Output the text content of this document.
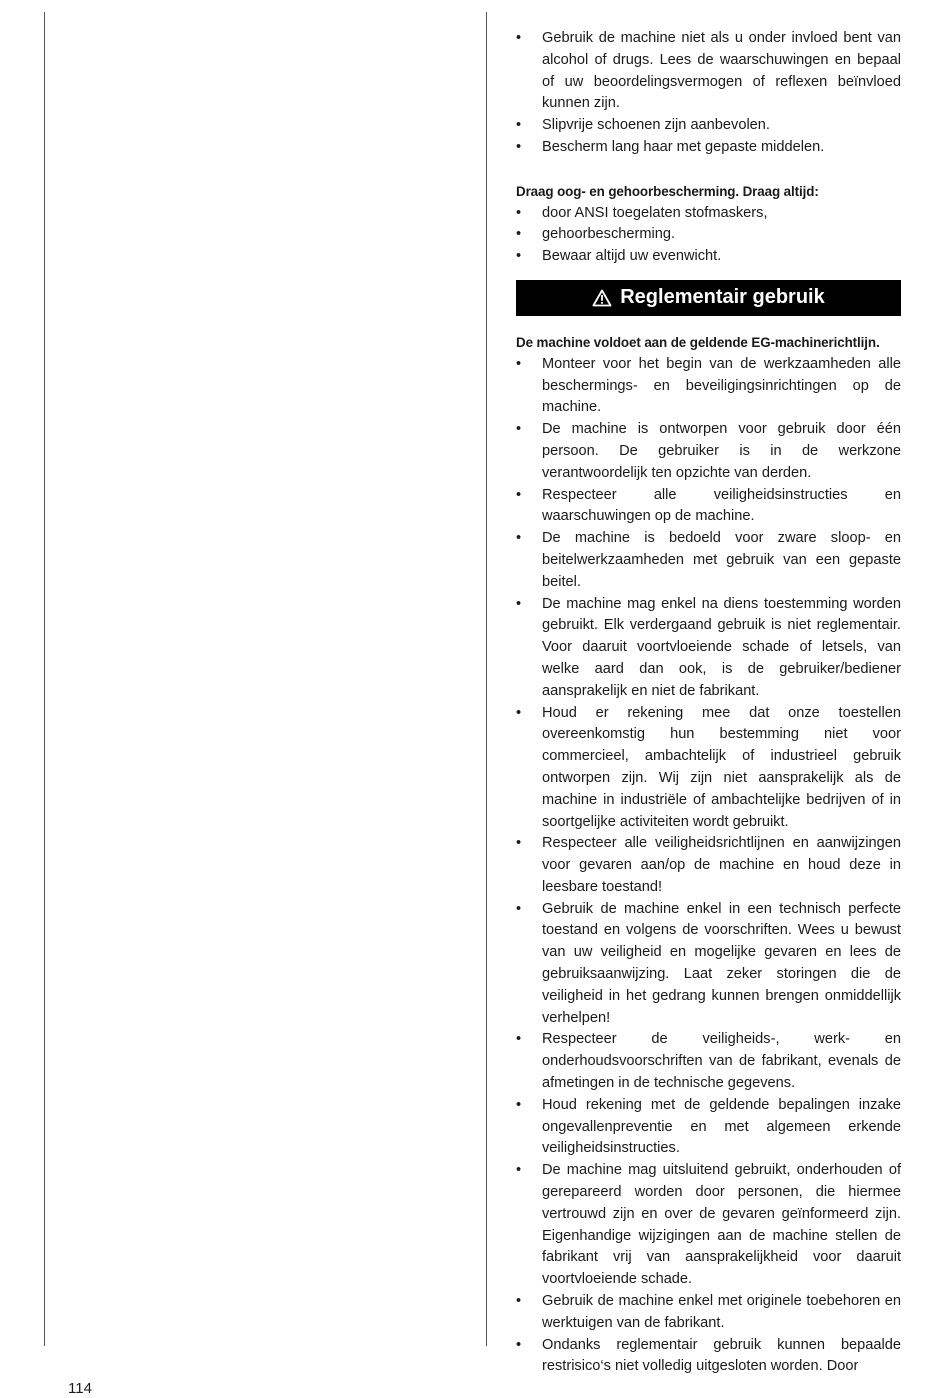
• Gebruik de machine niet als u onder invloed bent van alcohol of drugs. Lees de waarschuwingen en bepaal of uw beoordelingsvermogen of reflexen beïnvloed kunnen zijn.
• Slipvrije schoenen zijn aanbevolen.
• Bescherm lang haar met gepaste middelen.

Draag oog- en gehoorbescherming. Draag altijd:

• door ANSI toegelaten stofmaskers,
• gehoorbescherming.
• Bewaar altijd uw evenwicht.
Reglementair gebruik

De machine voldoet aan de geldende EG-machinerichtlijn.

• Monteer voor het begin van de werkzaamheden alle beschermings- en beveiligingsinrichtingen op de machine.
• De machine is ontworpen voor gebruik door één persoon. De gebruiker is in de werkzone verantwoordelijk ten opzichte van derden.
• Respecteer alle veiligheidsinstructies en waarschuwingen op de machine.
• De machine is bedoeld voor zware sloop- en beitelwerkzaamheden met gebruik van een gepaste beitel.
• De machine mag enkel na diens toestemming worden gebruikt. Elk verdergaand gebruik is niet reglementair. Voor daaruit voortvloeiende schade of letsels, van welke aard dan ook, is de gebruiker/bediener aansprakelijk en niet de fabrikant.
• Houd er rekening mee dat onze toestellen overeenkomstig hun bestemming niet voor commercieel, ambachtelijk of industrieel gebruik ontworpen zijn. Wij zijn niet aansprakelijk als de machine in industriële of ambachtelijke bedrijven of in soortgelijke activiteiten wordt gebruikt.
• Respecteer alle veiligheidsrichtlijnen en aanwijzingen voor gevaren aan/op de machine en houd deze in leesbare toestand!
• Gebruik de machine enkel in een technisch perfecte toestand en volgens de voorschriften. Wees u bewust van uw veiligheid en mogelijke gevaren en lees de gebruiksaanwijzing. Laat zeker storingen die de veiligheid in het gedrang kunnen brengen onmiddellijk verhelpen!
• Respecteer de veiligheids-, werk- en onderhoudsvoorschriften van de fabrikant, evenals de afmetingen in de technische gegevens.
• Houd rekening met de geldende bepalingen inzake ongevallenpreventie en met algemeen erkende veiligheidsinstructies.
• De machine mag uitsluitend gebruikt, onderhouden of gerepareerd worden door personen, die hiermee vertrouwd zijn en over de gevaren geïnformeerd zijn. Eigenhandige wijzigingen aan de machine stellen de fabrikant vrij van aansprakelijkheid voor daaruit voortvloeiende schade.
• Gebruik de machine enkel met originele toebehoren en werktuigen van de fabrikant.
• Ondanks reglementair gebruik kunnen bepaalde restrisico‘s niet volledig uitgesloten worden. Door
114
